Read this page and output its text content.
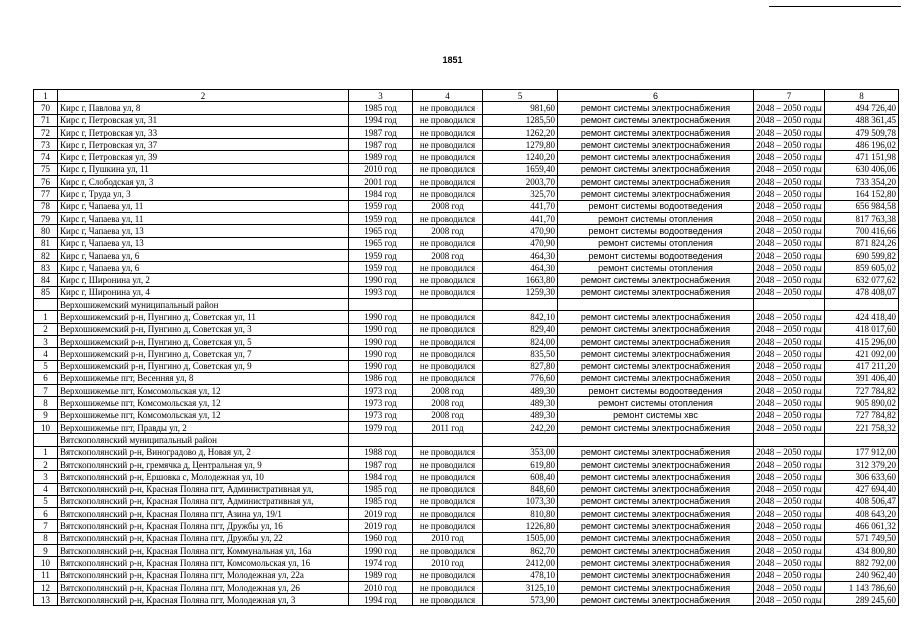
1851
1	2	3	4	5	6	7	8
70	Кирс г, Павлова ул, 8	1985 год	не проводился	981,60	ремонт системы электроснабжения	2048 – 2050 годы	494 726,40
71	Кирс г, Петровская ул, 31	1994 год	не проводился	1285,50	ремонт системы электроснабжения	2048 – 2050 годы	488 361,45
72	Кирс г, Петровская ул, 33	1987 год	не проводился	1262,20	ремонт системы электроснабжения	2048 – 2050 годы	479 509,78
73	Кирс г, Петровская ул, 37	1987 год	не проводился	1279,80	ремонт системы электроснабжения	2048 – 2050 годы	486 196,02
74	Кирс г, Петровская ул, 39	1989 год	не проводился	1240,20	ремонт системы электроснабжения	2048 – 2050 годы	471 151,98
75	Кирс г, Пушкина ул, 11	2010 год	не проводился	1659,40	ремонт системы электроснабжения	2048 – 2050 годы	630 406,06
76	Кирс г, Слободская ул, 3	2001 год	не проводился	2003,70	ремонт системы электроснабжения	2048 – 2050 годы	733 354,20
77	Кирс г, Труда ул, 3	1984 год	не проводился	325,70	ремонт системы электроснабжения	2048 – 2050 годы	164 152,80
78	Кирс г, Чапаева ул, 11	1959 год	2008 год	441,70	ремонт системы водоотведения	2048 – 2050 годы	656 984,58
79	Кирс г, Чапаева ул, 11	1959 год	не проводился	441,70	ремонт системы отопления	2048 – 2050 годы	817 763,38
80	Кирс г, Чапаева ул, 13	1965 год	2008 год	470,90	ремонт системы водоотведения	2048 – 2050 годы	700 416,66
81	Кирс г, Чапаева ул, 13	1965 год	не проводился	470,90	ремонт системы отопления	2048 – 2050 годы	871 824,26
82	Кирс г, Чапаева ул, 6	1959 год	2008 год	464,30	ремонт системы водоотведения	2048 – 2050 годы	690 599,82
83	Кирс г, Чапаева ул, 6	1959 год	не проводился	464,30	ремонт системы отопления	2048 – 2050 годы	859 605,02
84	Кирс г, Широнина ул, 2	1990 год	не проводился	1663,80	ремонт системы электроснабжения	2048 – 2050 годы	632 077,62
85	Кирс г, Широнина ул, 4	1993 год	не проводился	1259,30	ремонт системы электроснабжения	2048 – 2050 годы	478 408,07
	Верхошижемский муниципальный район						
1	Верхошижемский р-н, Пунгино д, Советская ул, 11	1990 год	не проводился	842,10	ремонт системы электроснабжения	2048 – 2050 годы	424 418,40
2	Верхошижемский р-н, Пунгино д, Советская ул, 3	1990 год	не проводился	829,40	ремонт системы электроснабжения	2048 – 2050 годы	418 017,60
3	Верхошижемский р-н, Пунгино д, Советская ул, 5	1990 год	не проводился	824,00	ремонт системы электроснабжения	2048 – 2050 годы	415 296,00
4	Верхошижемский р-н, Пунгино д, Советская ул, 7	1990 год	не проводился	835,50	ремонт системы электроснабжения	2048 – 2050 годы	421 092,00
5	Верхошижемский р-н, Пунгино д, Советская ул, 9	1990 год	не проводился	827,80	ремонт системы электроснабжения	2048 – 2050 годы	417 211,20
6	Верхошижемье пгт, Весенняя ул, 8	1986 год	не проводился	776,60	ремонт системы электроснабжения	2048 – 2050 годы	391 406,40
7	Верхошижемье пгт, Комсомольская ул, 12	1973 год	2008 год	489,30	ремонт системы водоотведения	2048 – 2050 годы	727 784,82
8	Верхошижемье пгт, Комсомольская ул, 12	1973 год	2008 год	489,30	ремонт системы отопления	2048 – 2050 годы	905 890,02
9	Верхошижемье пгт, Комсомольская ул, 12	1973 год	2008 год	489,30	ремонт системы хвс	2048 – 2050 годы	727 784,82
10	Верхошижемье пгт, Правды ул, 2	1979 год	2011 год	242,20	ремонт системы электроснабжения	2048 – 2050 годы	221 758,32
	Вятскополянский муниципальный район						
1	Вятскополянский р-н, Виноградово д, Новая ул, 2	1988 год	не проводился	353,00	ремонт системы электроснабжения	2048 – 2050 годы	177 912,00
2	Вятскополянский р-н, гремячка д, Центральная ул, 9	1987 год	не проводился	619,80	ремонт системы электроснабжения	2048 – 2050 годы	312 379,20
3	Вятскополянский р-н, Ершовка с, Молодежная ул, 10	1984 год	не проводился	608,40	ремонт системы электроснабжения	2048 – 2050 годы	306 633,60
4	Вятскополянский р-н, Красная Поляна пгт, Административная ул,	1985 год	не проводился	848,60	ремонт системы электроснабжения	2048 – 2050 годы	427 694,40
5	Вятскополянский р-н, Красная Поляна пгт, Административная ул,	1985 год	не проводился	1073,30	ремонт системы электроснабжения	2048 – 2050 годы	408 506,47
6	Вятскополянский р-н, Красная Поляна пгт, Азина ул, 19/1	2019 год	не проводился	810,80	ремонт системы электроснабжения	2048 – 2050 годы	408 643,20
7	Вятскополянский р-н, Красная Поляна пгт, Дружбы ул, 16	2019 год	не проводился	1226,80	ремонт системы электроснабжения	2048 – 2050 годы	466 061,32
8	Вятскополянский р-н, Красная Поляна пгт, Дружбы ул, 22	1960 год	2010 год	1505,00	ремонт системы электроснабжения	2048 – 2050 годы	571 749,50
9	Вятскополянский р-н, Красная Поляна пгт, Коммунальная ул, 16а	1990 год	не проводился	862,70	ремонт системы электроснабжения	2048 – 2050 годы	434 800,80
10	Вятскополянский р-н, Красная Поляна пгт, Комсомольская ул, 16	1974 год	2010 год	2412,00	ремонт системы электроснабжения	2048 – 2050 годы	882 792,00
11	Вятскополянский р-н, Красная Поляна пгт, Молодежная ул, 22а	1989 год	не проводился	478,10	ремонт системы электроснабжения	2048 – 2050 годы	240 962,40
12	Вятскополянский р-н, Красная Поляна пгт, Молодежная ул, 26	2010 год	не проводился	3125,10	ремонт системы электроснабжения	2048 – 2050 годы	1 143 786,60
13	Вятскополянский р-н, Красная Поляна пгт, Молодежная ул, 3	1994 год	не проводился	573,90	ремонт системы электроснабжения	2048 – 2050 годы	289 245,60
